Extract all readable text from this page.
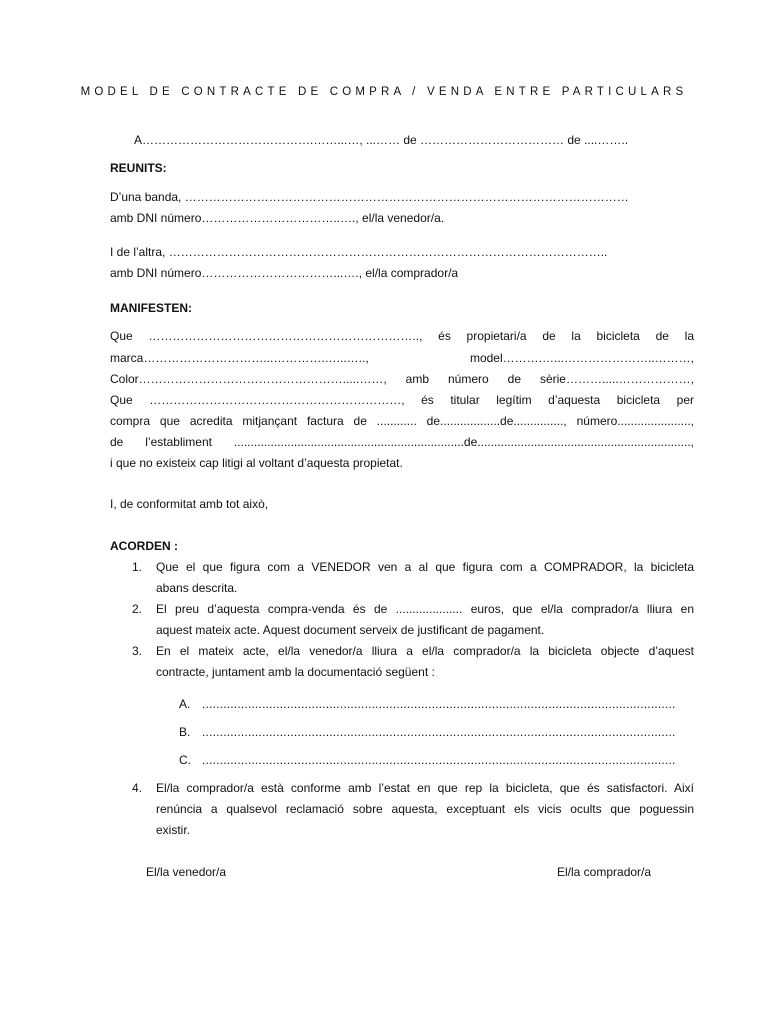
MODEL DE CONTRACTE DE COMPRA / VENDA ENTRE PARTICULARS
A…………………………………….……...…, ...…… de ……………………………… de ....……..
REUNITS:
D’una banda, …………………………………………………………………………………………………
amb DNI número……………………………..…., el/la venedor/a.
I de l’altra, ………………………………………………………………………………………………..
amb DNI número……………………………...…., el/la comprador/a
MANIFESTEN:
Que ………………………………………………………….., és propietari/a de la bicicleta de la
marca…………………………...………….…...….., model……….…...…………………..………,
Color…………………………………………….....……, amb número de sèrie……….....………………,
Que ………………………………………………………, és titular legítim d’aquesta bicicleta per
compra que acredita mitjançant factura de ............ de..................de..............., número......................,
de l’establiment .....................................................................de................................................................,
i que no existeix cap litigi al voltant d’aquesta propietat.
I, de conformitat amb tot això,
ACORDEN :
1. Que el que figura com a VENEDOR ven a al que figura com a COMPRADOR, la bicicleta
abans descrita.
2. El preu d’aquesta compra-venda és de .................... euros, que el/la comprador/a lliura en
aquest mateix acte. Aquest document serveix de justificant de pagament.
3. En el mateix acte, el/la venedor/a lliura a el/la comprador/a la bicicleta objecte d’aquest
contracte, juntament amb la documentació següent :
A. ......................................................................................................................................
B. ......................................................................................................................................
C. ......................................................................................................................................
4. El/la comprador/a està conforme amb l’estat en que rep la bicicleta, que és satisfactori. Així
renúncia a qualsevol reclamació sobre aquesta, exceptuant els vicis ocults que poguessin
existir.
El/la venedor/a	El/la comprador/a
